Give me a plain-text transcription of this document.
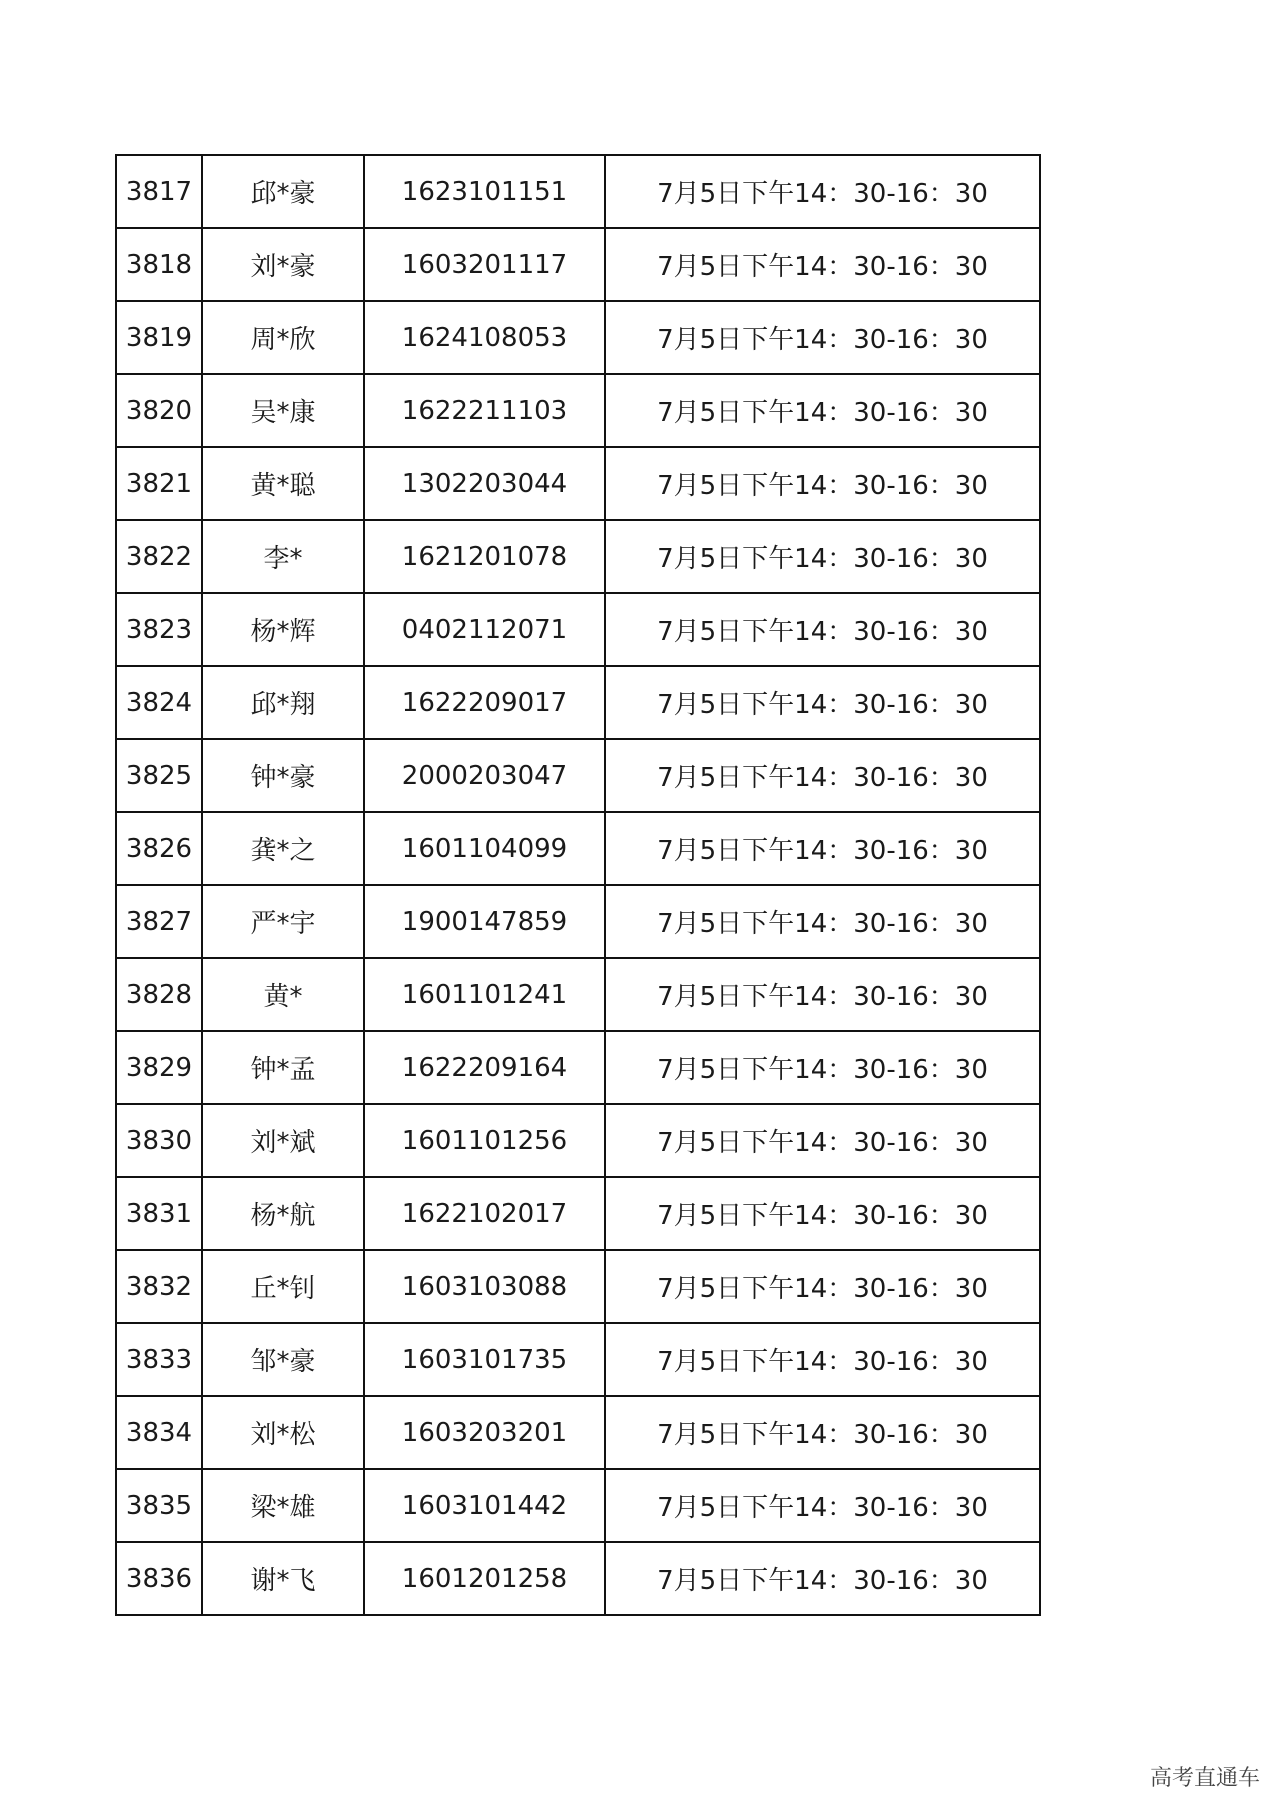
3817	邱*豪	1623101151	7月5日下午14：30-16：30
3818	刘*豪	1603201117	7月5日下午14：30-16：30
3819	周*欣	1624108053	7月5日下午14：30-16：30
3820	吴*康	1622211103	7月5日下午14：30-16：30
3821	黄*聪	1302203044	7月5日下午14：30-16：30
3822	李*	1621201078	7月5日下午14：30-16：30
3823	杨*辉	0402112071	7月5日下午14：30-16：30
3824	邱*翔	1622209017	7月5日下午14：30-16：30
3825	钟*豪	2000203047	7月5日下午14：30-16：30
3826	龚*之	1601104099	7月5日下午14：30-16：30
3827	严*宇	1900147859	7月5日下午14：30-16：30
3828	黄*	1601101241	7月5日下午14：30-16：30
3829	钟*孟	1622209164	7月5日下午14：30-16：30
3830	刘*斌	1601101256	7月5日下午14：30-16：30
3831	杨*航	1622102017	7月5日下午14：30-16：30
3832	丘*钊	1603103088	7月5日下午14：30-16：30
3833	邹*豪	1603101735	7月5日下午14：30-16：30
3834	刘*松	1603203201	7月5日下午14：30-16：30
3835	梁*雄	1603101442	7月5日下午14：30-16：30
3836	谢*飞	1601201258	7月5日下午14：30-16：30
高考直通车
